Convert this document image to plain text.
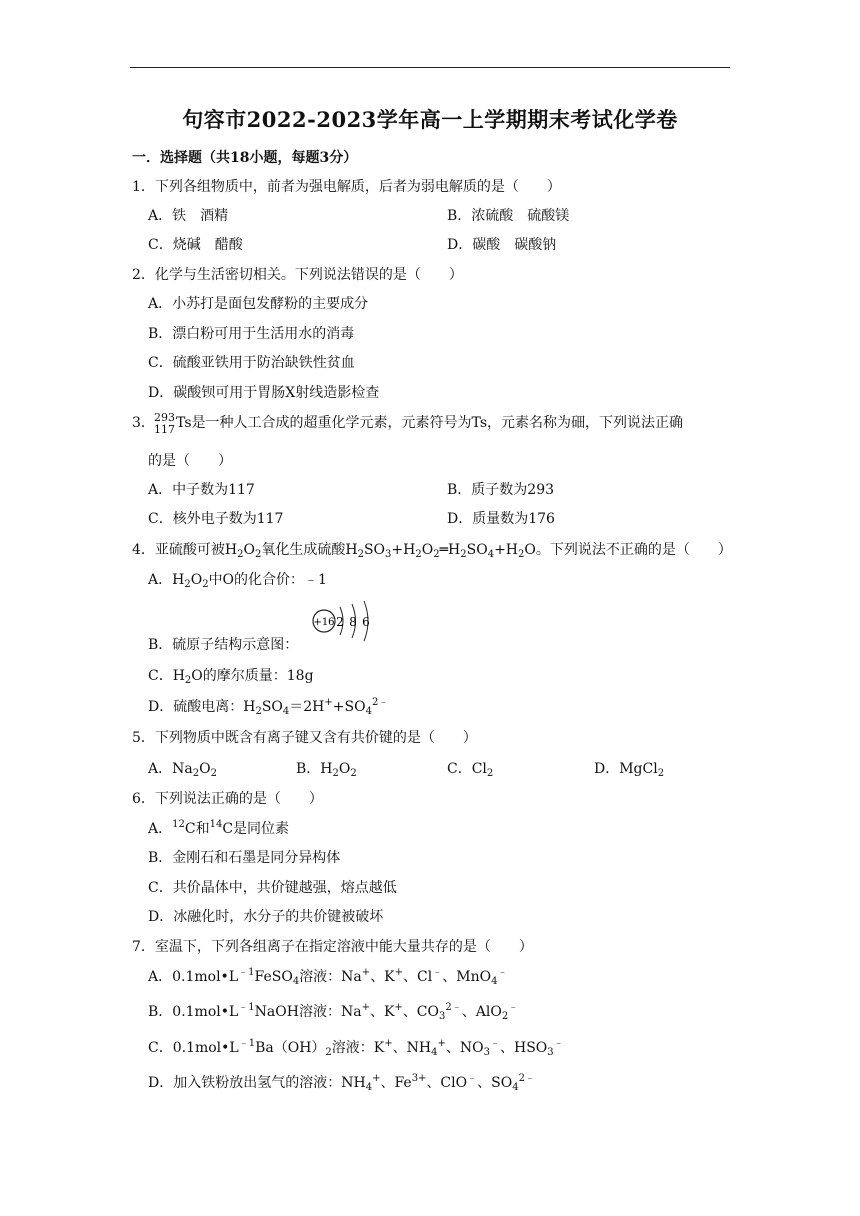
句容市2022-2023学年高一上学期期末考试化学卷
一．选择题（共18小题，每题3分）
1．下列各组物质中，前者为强电解质，后者为弱电解质的是（　　）
A．铁　酒精	B．浓硫酸　硫酸镁
C．烧碱　醋酸	D．碳酸　碳酸钠
2．化学与生活密切相关。下列说法错误的是（　　）
A．小苏打是面包发酵粉的主要成分
B．漂白粉可用于生活用水的消毒
C．硫酸亚铁用于防治缺铁性贫血
D．碳酸钡可用于胃肠X射线造影检查
3． 293
117 Ts是一种人工合成的超重化学元素，元素符号为Ts，元素名称为鿬，下列说法正确
的是（　　）
A．中子数为117	B．质子数为293
C．核外电子数为117	D．质量数为176
4．亚硫酸可被$H_2O_2$氧化生成硫酸$H_2SO_3+H_2O_2═H_2SO_4+H_2O$。下列说法不正确的是（　　）
A．$H_2O_2$中O的化合价：﹣1
B．硫原子结构示意图：
+16 2 8 6
C．$H_2O$的摩尔质量：18g
D．硫酸电离：$H_2SO_4=2H^++SO_4^{2﹣}$
5．下列物质中既含有离子键又含有共价键的是（　　）
A．$Na_2O_2$	B．$H_2O_2$	C．$Cl_2$	D．MgCl$_2$
6．下列说法正确的是（　　）
A．$^{12}$C和$^{14}$C是同位素
B．金刚石和石墨是同分异构体
C．共价晶体中，共价键越强，熔点越低
D．冰融化时，水分子的共价键被破坏
7．室温下，下列各组离子在指定溶液中能大量共存的是（　　）
A．$0.1mol•L^{﹣1}FeSO_4$溶液：Na+、K+、Cl﹣、MnO$_4$﹣
B．$0.1mol•L^{﹣1}NaOH$溶液：Na+、K+、$CO_3^{2﹣}$、AlO$_2$﹣
C．$0.1mol•L^{﹣1}Ba(OH)_2$溶液：K+、$NH_4^+$、$NO_3^﹣$、$HSO_3^﹣$
D．加入铁粉放出氢气的溶液：$NH_4^+$、$Fe^{3+}$、ClO﹣、$SO_4^{2﹣}$
